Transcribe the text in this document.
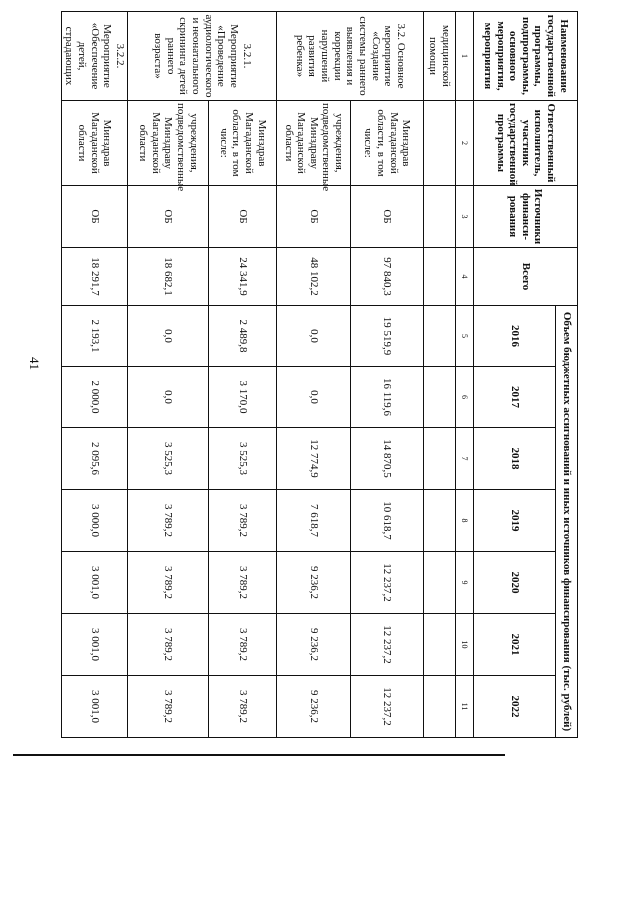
41
Наименование государственной программы, подпрограммы, основного мероприятия, мероприятия	Ответственный исполнитель, участник государственной программы	Источники финанси- рования	Всего	Объем бюджетных ассигнований и иных источников финансирования (тыс. рублей)						
				2016	2017	2018	2019	2020	2021	2022
1	2	3	4	5	6	7	8	9	10	11
медицинской помощи										
3.2. Основное мероприятие «Создание системы раннего выявления и коррекции нарушений развития ребенка»	Минздрав Магаданской области, в том числе:	ОБ	97 840,3	19 519,9	16 119,6	14 870,5	10 618,7	12 237,2	12 237,2	12 237,2
	учреждения, подведомственные Минздраву Магаданской области	ОБ	48 102,2	0,0	0,0	12 774,9	7 618,7	9 236,2	9 236,2	9 236,2
3.2.1. Мероприятие «Проведение аудиологического и неонатального скрининга детей раннего возраста»	Минздрав Магаданской области, в том числе:	ОБ	24 341,9	2 489,8	3 170,0	3 525,3	3 789,2	3 789,2	3 789,2	3 789,2
	учреждения, подведомственные Минздраву Магаданской области	ОБ	18 682,1	0,0	0,0	3 525,3	3 789,2	3 789,2	3 789,2	3 789,2
3.2.2. Мероприятие «Обеспечение детей, страдающих	Минздрав Магаданской области	ОБ	18 291,7	2 193,1	2 000,0	2 095,6	3 000,0	3 001,0	3 001,0	3 001,0
